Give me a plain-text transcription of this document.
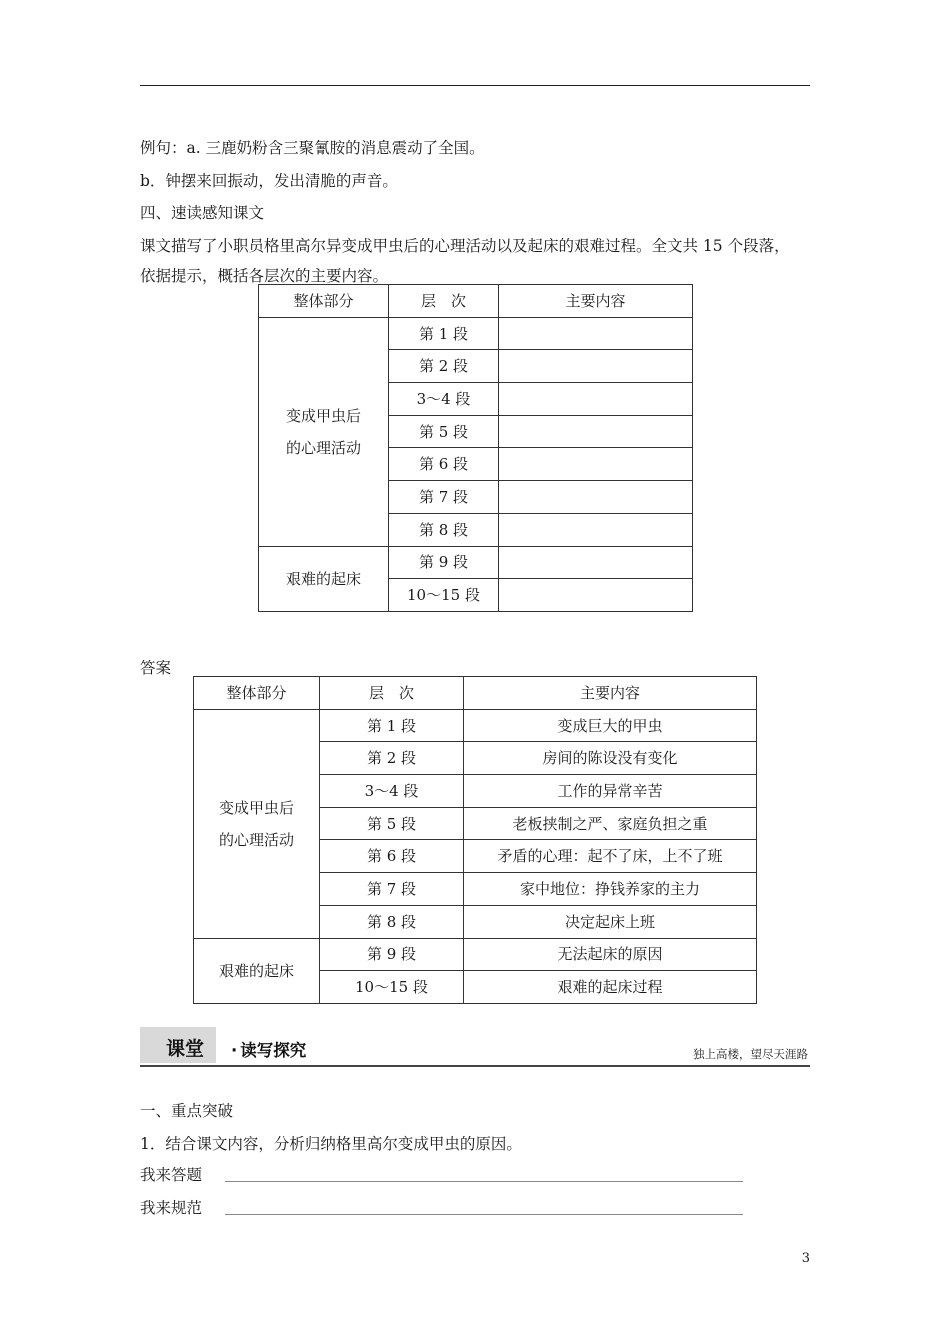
例句：a. 三鹿奶粉含三聚氰胺的消息震动了全国。
b．钟摆来回振动，发出清脆的声音。
四、速读感知课文
课文描写了小职员格里高尔异变成甲虫后的心理活动以及起床的艰难过程。全文共 15 个段落，
依据提示，概括各层次的主要内容。
整体部分	层　次	主要内容

变成甲虫后
的心理活动	第 1 段	
	第 2 段	
	3～4 段	
	第 5 段	
	第 6 段	
	第 7 段	
	第 8 段	
艰难的起床	第 9 段	
	10～15 段	
答案
整体部分	层　次	主要内容

变成甲虫后
的心理活动	第 1 段	变成巨大的甲虫
	第 2 段	房间的陈设没有变化
	3～4 段	工作的异常辛苦
	第 5 段	老板挟制之严、家庭负担之重
	第 6 段	矛盾的心理：起不了床，上不了班
	第 7 段	家中地位：挣钱养家的主力
	第 8 段	决定起床上班
艰难的起床	第 9 段	无法起床的原因
	10～15 段	艰难的起床过程
课堂 · 读写探究	独上高楼，望尽天涯路
一、重点突破
1．结合课文内容，分析归纳格里高尔变成甲虫的原因。
我来答题
我来规范
3
